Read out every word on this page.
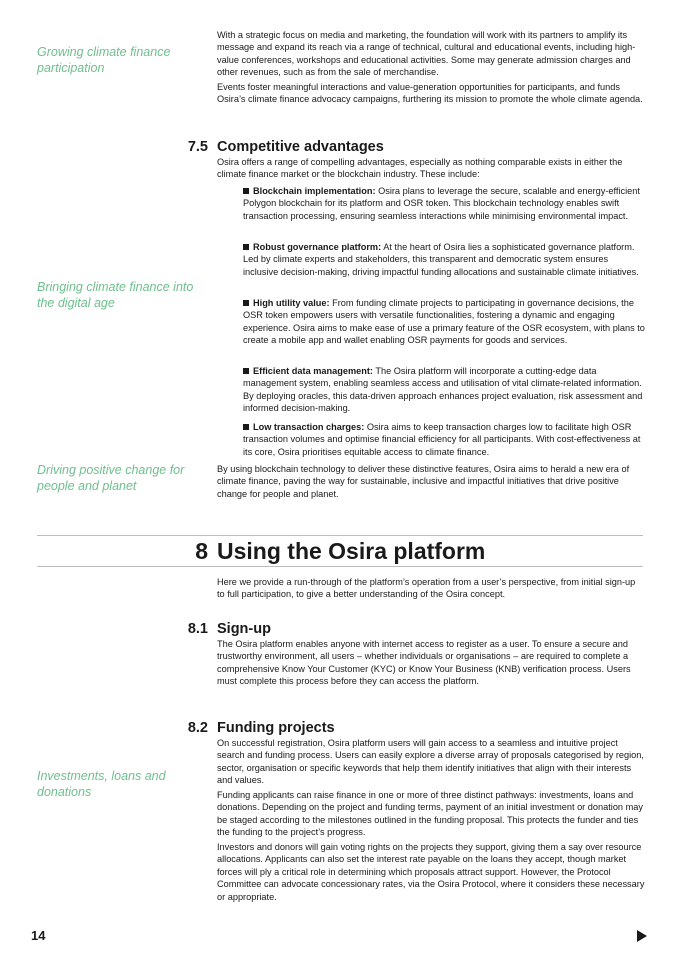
Growing climate finance participation
Bringing climate finance into the digital age
Driving positive change for people and planet
Investments, loans and donations
With a strategic focus on media and marketing, the foundation will work with its partners to amplify its message and expand its reach via a range of technical, cultural and educational events, including high-value conferences, workshops and educational activities. Some may generate admission charges and other revenues, such as from the sale of merchandise.
Events foster meaningful interactions and value-generation opportunities for participants, and funds Osira’s climate finance advocacy campaigns, furthering its mission to promote the whole climate agenda.
7.5 Competitive advantages
Osira offers a range of compelling advantages, especially as nothing comparable exists in either the climate finance market or the blockchain industry. These include:
Blockchain implementation: Osira plans to leverage the secure, scalable and energy-efficient Polygon blockchain for its platform and OSR token. This blockchain technology enables swift transaction processing, ensuring seamless interactions while minimising environmental impact.
Robust governance platform: At the heart of Osira lies a sophisticated governance platform. Led by climate experts and stakeholders, this transparent and democratic system ensures inclusive decision-making, driving impactful funding allocations and sustainable climate initiatives.
High utility value: From funding climate projects to participating in governance decisions, the OSR token empowers users with versatile functionalities, fostering a dynamic and engaging experience. Osira aims to make ease of use a primary feature of the OSR ecosystem, with plans to create a mobile app and wallet enabling OSR payments for goods and services.
Efficient data management: The Osira platform will incorporate a cutting-edge data management system, enabling seamless access and utilisation of vital climate-related information. By deploying oracles, this data-driven approach enhances project evaluation, risk assessment and informed decision-making.
Low transaction charges: Osira aims to keep transaction charges low to facilitate high OSR transaction volumes and optimise financial efficiency for all participants. With cost-effectiveness at its core, Osira prioritises equitable access to climate finance.
By using blockchain technology to deliver these distinctive features, Osira aims to herald a new era of climate finance, paving the way for sustainable, inclusive and impactful initiatives that drive positive change for people and planet.
8 Using the Osira platform
Here we provide a run-through of the platform’s operation from a user’s perspective, from initial sign-up to full participation, to give a better understanding of the Osira concept.
8.1 Sign-up
The Osira platform enables anyone with internet access to register as a user. To ensure a secure and trustworthy environment, all users – whether individuals or organisations – are required to complete a comprehensive Know Your Customer (KYC) or Know Your Business (KNB) verification process. Users must complete this process before they can access the platform.
8.2 Funding projects
On successful registration, Osira platform users will gain access to a seamless and intuitive project search and funding process. Users can easily explore a diverse array of proposals categorised by region, sector, organisation or specific keywords that help them identify initiatives that align with their interests and values.
Funding applicants can raise finance in one or more of three distinct pathways: investments, loans and donations. Depending on the project and funding terms, payment of an initial investment or donation may be staged according to the milestones outlined in the funding proposal. This protects the funder and ties the funding to the project’s progress.
Investors and donors will gain voting rights on the projects they support, giving them a say over resource allocations. Applicants can also set the interest rate payable on the loans they accept, though market forces will ply a critical role in determining which proposals attract support. However, the Protocol Committee can advocate concessionary rates, via the Osira Protocol, where it considers these necessary or appropriate.
14
